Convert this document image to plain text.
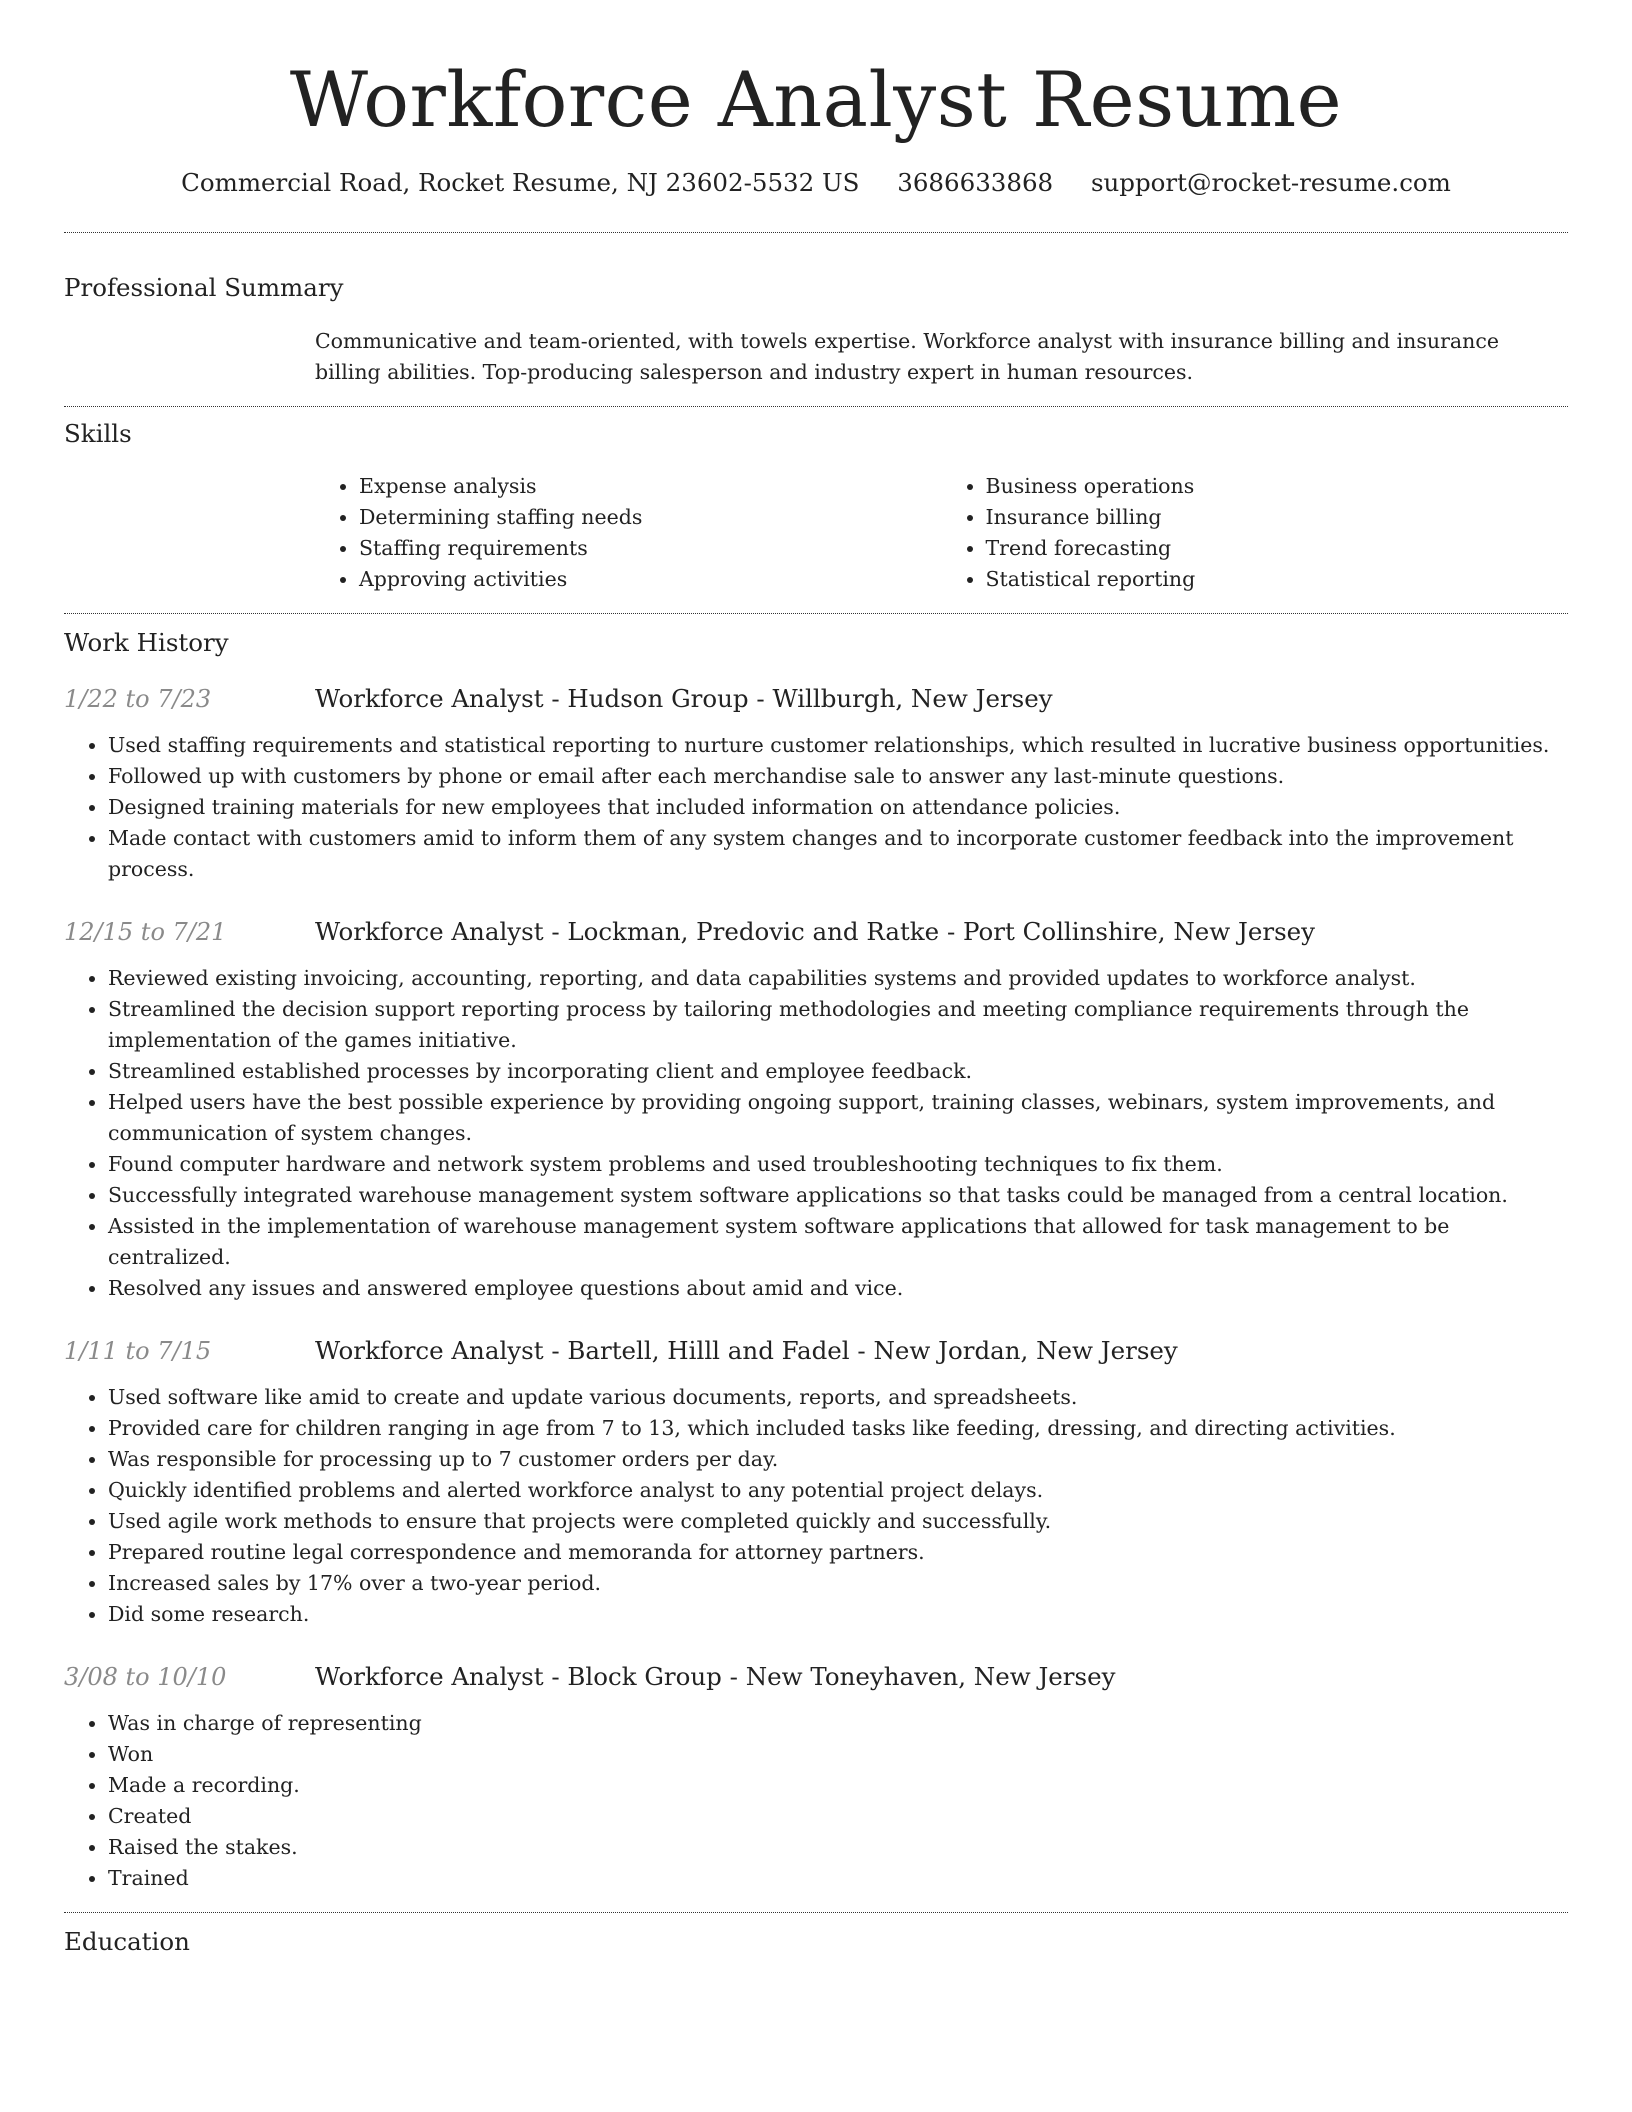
Workforce Analyst Resume
Commercial Road, Rocket Resume, NJ 23602-5532 US 3686633868 support@rocket-resume.com
Professional Summary
Communicative and team-oriented, with towels expertise. Workforce analyst with insurance billing and insurance billing abilities. Top-producing salesperson and industry expert in human resources.
Skills
• Expense analysis
• Determining staffing needs
• Staffing requirements
• Approving activities
• Business operations
• Insurance billing
• Trend forecasting
• Statistical reporting
Work History
1/22 to 7/23	Workforce Analyst - Hudson Group - Willburgh, New Jersey
• Used staffing requirements and statistical reporting to nurture customer relationships, which resulted in lucrative business opportunities.
• Followed up with customers by phone or email after each merchandise sale to answer any last-minute questions.
• Designed training materials for new employees that included information on attendance policies.
• Made contact with customers amid to inform them of any system changes and to incorporate customer feedback into the improvement process.
12/15 to 7/21	Workforce Analyst - Lockman, Predovic and Ratke - Port Collinshire, New Jersey
• Reviewed existing invoicing, accounting, reporting, and data capabilities systems and provided updates to workforce analyst.
• Streamlined the decision support reporting process by tailoring methodologies and meeting compliance requirements through the implementation of the games initiative.
• Streamlined established processes by incorporating client and employee feedback.
• Helped users have the best possible experience by providing ongoing support, training classes, webinars, system improvements, and communication of system changes.
• Found computer hardware and network system problems and used troubleshooting techniques to fix them.
• Successfully integrated warehouse management system software applications so that tasks could be managed from a central location.
• Assisted in the implementation of warehouse management system software applications that allowed for task management to be centralized.
• Resolved any issues and answered employee questions about amid and vice.
1/11 to 7/15	Workforce Analyst - Bartell, Hilll and Fadel - New Jordan, New Jersey
• Used software like amid to create and update various documents, reports, and spreadsheets.
• Provided care for children ranging in age from 7 to 13, which included tasks like feeding, dressing, and directing activities.
• Was responsible for processing up to 7 customer orders per day.
• Quickly identified problems and alerted workforce analyst to any potential project delays.
• Used agile work methods to ensure that projects were completed quickly and successfully.
• Prepared routine legal correspondence and memoranda for attorney partners.
• Increased sales by 17% over a two-year period.
• Did some research.
3/08 to 10/10	Workforce Analyst - Block Group - New Toneyhaven, New Jersey
• Was in charge of representing
• Won
• Made a recording.
• Created
• Raised the stakes.
• Trained
Education
